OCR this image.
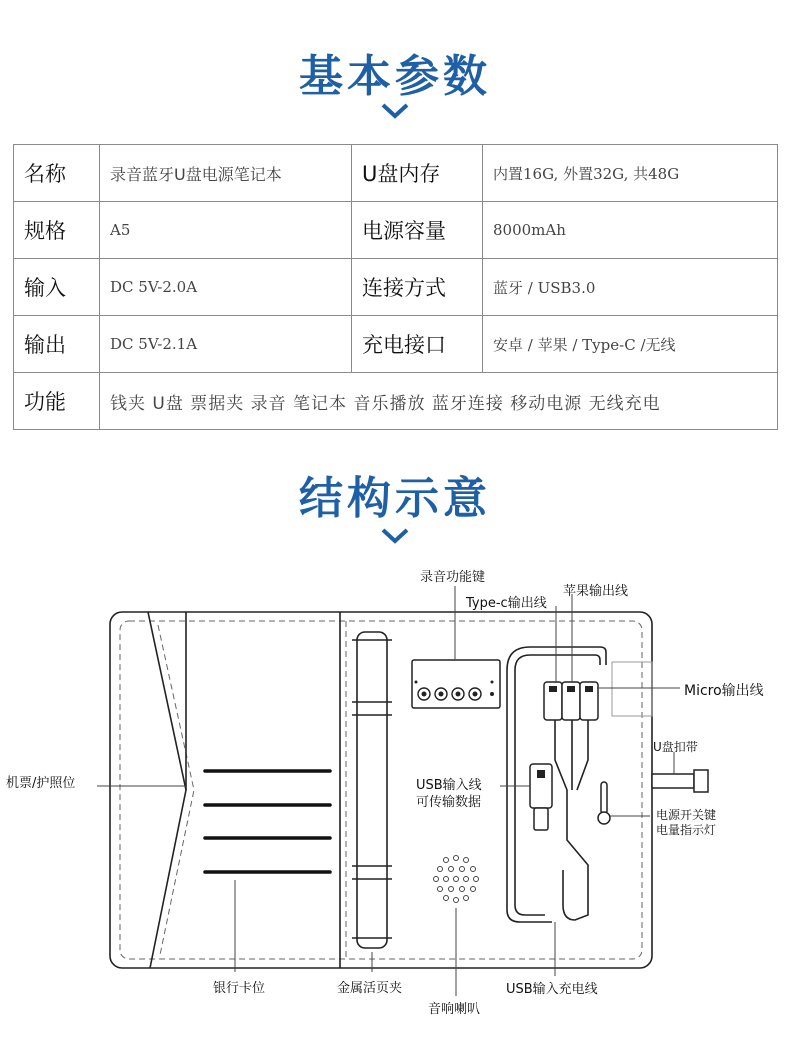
基本参数
名称	录音蓝牙U盘电源笔记本	U盘内存	内置16G, 外置32G, 共48G
规格	A5	电源容量	8000mAh
输入	DC 5V-2.0A	连接方式	蓝牙 / USB3.0
输出	DC 5V-2.1A	充电接口	安卓 / 苹果 / Type-C /无线
功能	钱夹 U盘 票据夹 录音 笔记本 音乐播放 蓝牙连接 移动电源 无线充电		
结构示意
录音功能键
苹果输出线
Type-c输出线
Micro输出线
机票/护照位
U盘扣带
USB输入线
可传输数据
电源开关键
电量指示灯
银行卡位	金属活页夹	USB输入充电线
音响喇叭
